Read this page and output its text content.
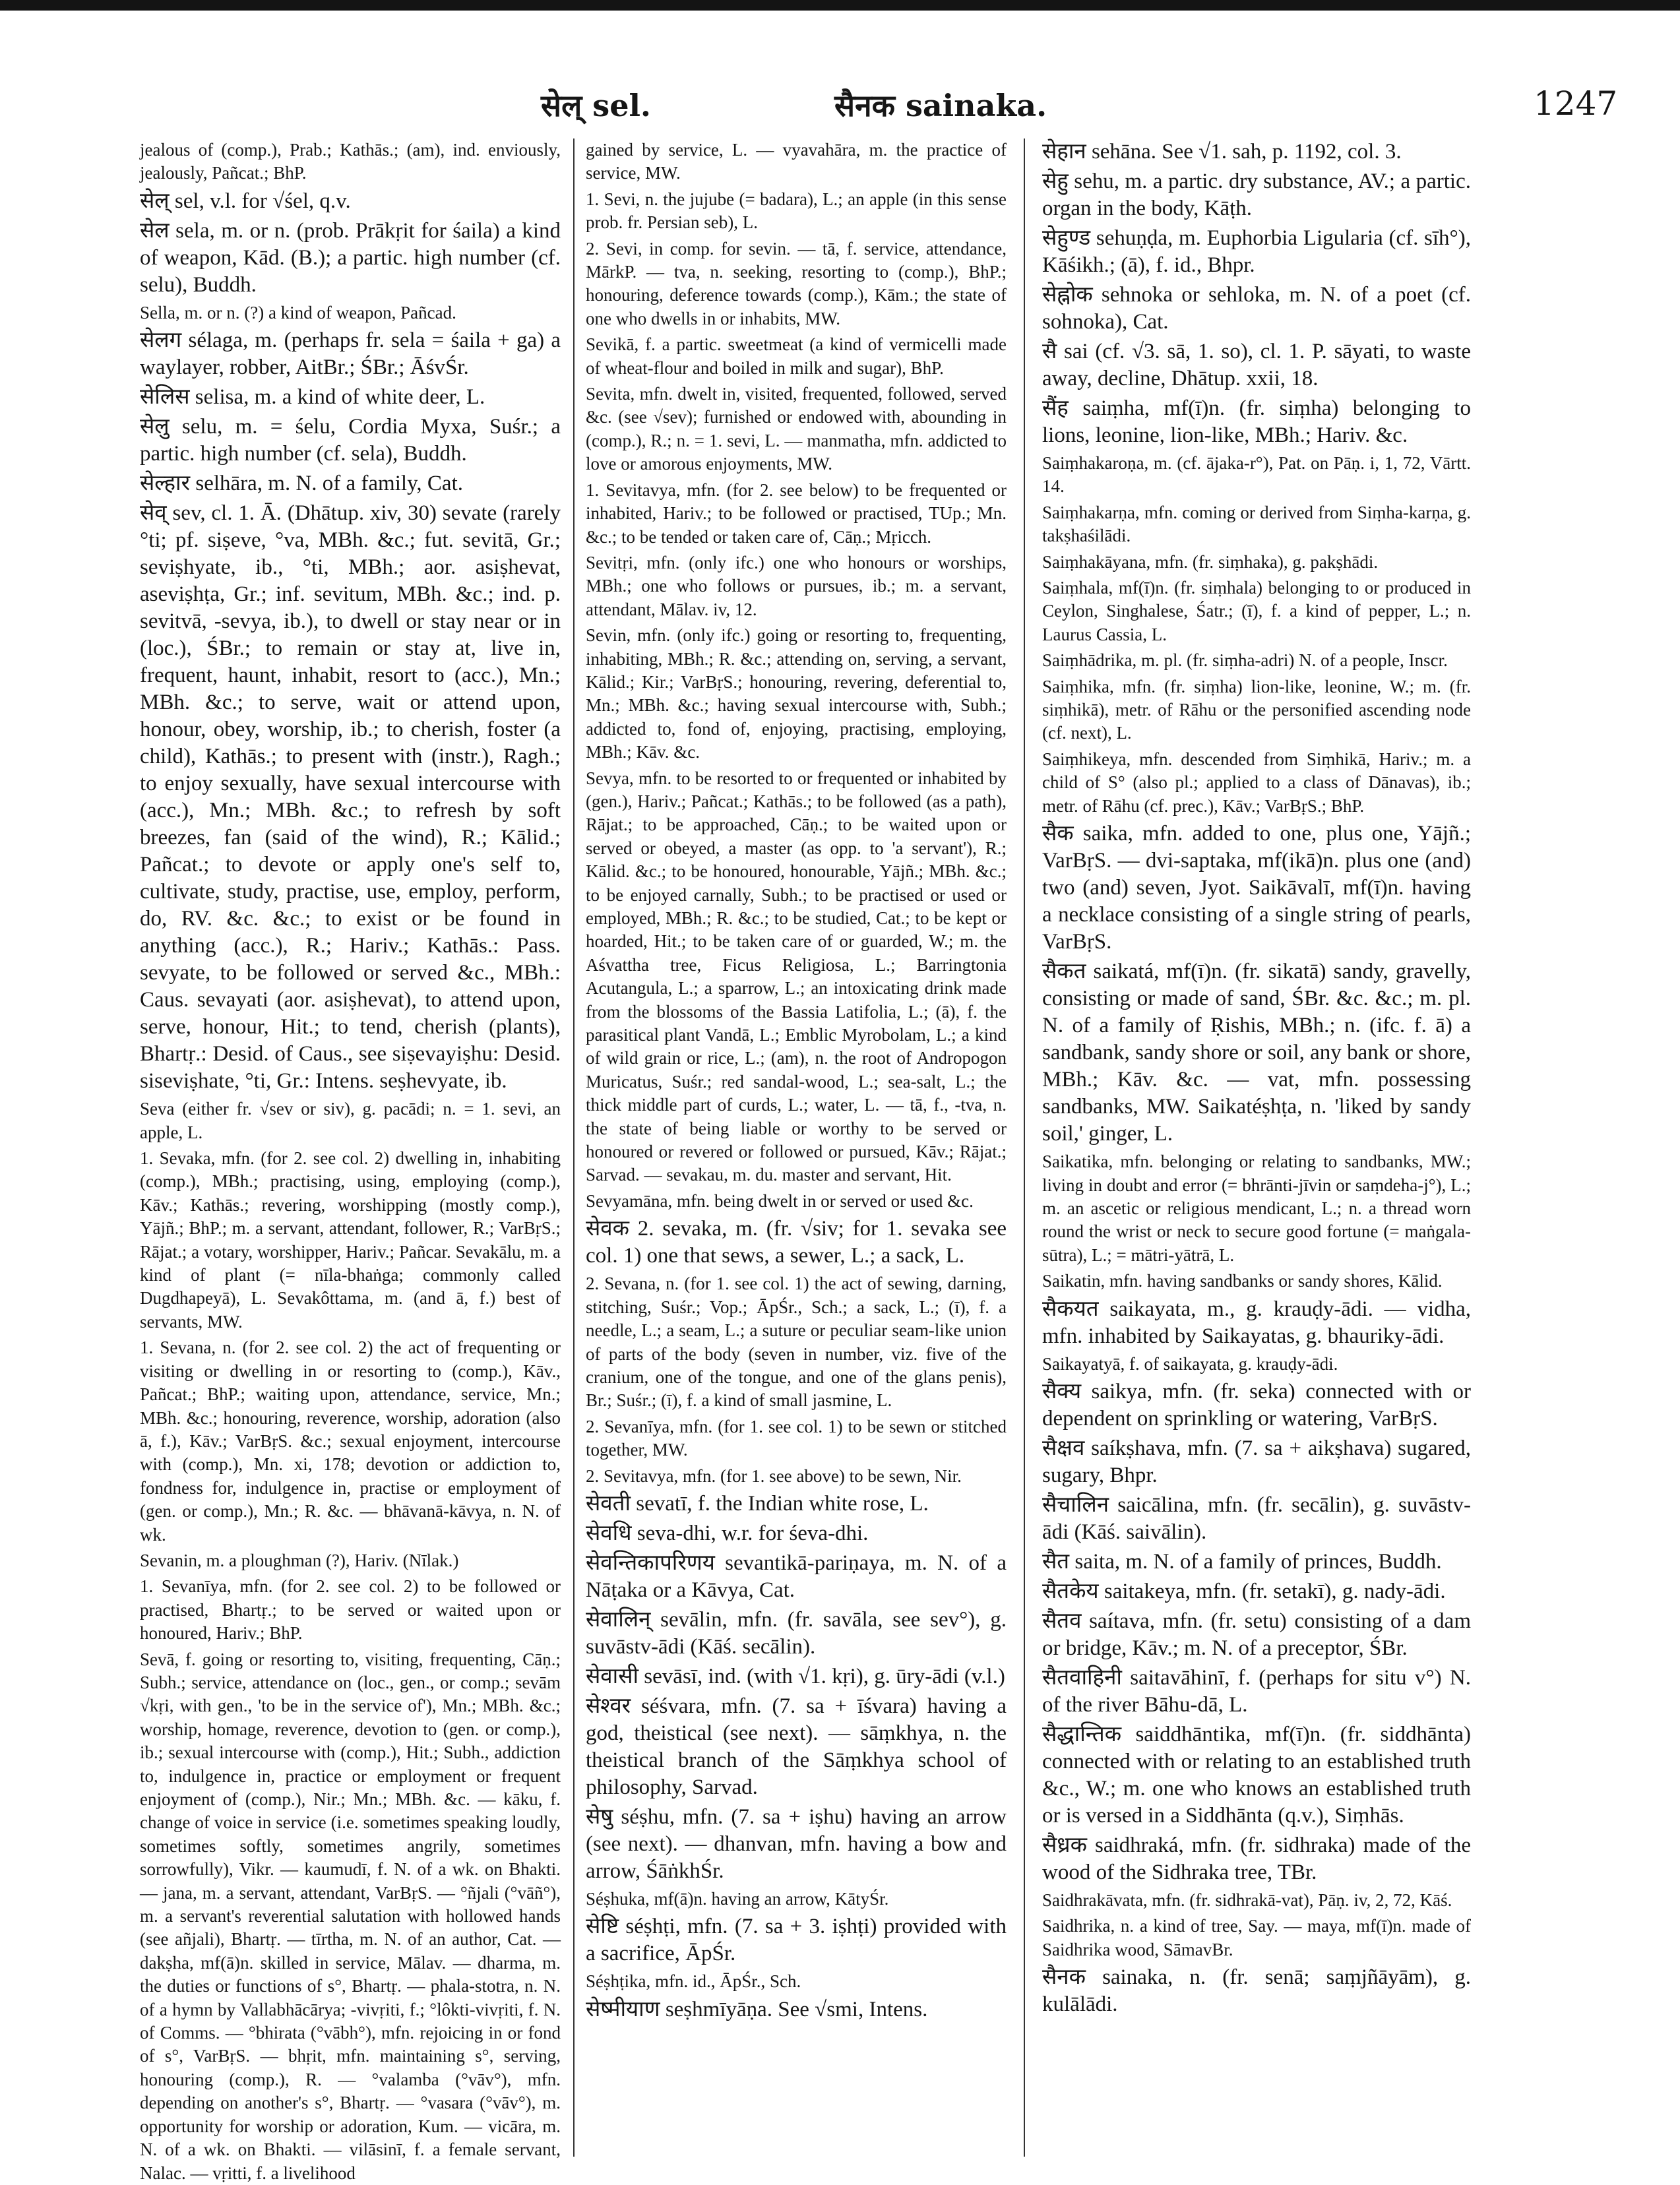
सेल् sel.	सैनक sainaka.	1247

jealous of (comp.), Prab.; Kathās.; (am), ind. enviously, jealously, Pañcat.; BhP.

सेल् sel, v.l. for √śel, q.v.

सेल sela, m. or n. (prob. Prākṛit for śaila) a kind of weapon, Kād. (B.); a partic. high number (cf. selu), Buddh.

Sella, m. or n. (?) a kind of weapon, Pañcad.

सेलग sélaga, m. (perhaps fr. sela = śaila + ga) a waylayer, robber, AitBr.; ŚBr.; ĀśvŚr.

सेलिस selisa, m. a kind of white deer, L.

सेलु selu, m. = śelu, Cordia Myxa, Suśr.; a partic. high number (cf. sela), Buddh.

सेल्हार selhāra, m. N. of a family, Cat.

सेव् sev, cl. 1. Ā. (Dhātup. xiv, 30) sevate (rarely °ti; pf. siṣeve, °va, MBh. &c.; fut. sevitā, Gr.; seviṣhyate, ib., °ti, MBh.; aor. asiṣhevat, aseviṣhṭa, Gr.; inf. sevitum, MBh. &c.; ind. p. sevitvā, -sevya, ib.), to dwell or stay near or in (loc.), ŚBr.; to remain or stay at, live in, frequent, haunt, inhabit, resort to (acc.), Mn.; MBh. &c.; to serve, wait or attend upon, honour, obey, worship, ib.; to cherish, foster (a child), Kathās.; to present with (instr.), Ragh.; to enjoy sexually, have sexual intercourse with (acc.), Mn.; MBh. &c.; to refresh by soft breezes, fan (said of the wind), R.; Kālid.; Pañcat.; to devote or apply one's self to, cultivate, study, practise, use, employ, perform, do, RV. &c. &c.; to exist or be found in anything (acc.), R.; Hariv.; Kathās.: Pass. sevyate, to be followed or served &c., MBh.: Caus. sevayati (aor. asiṣhevat), to attend upon, serve, honour, Hit.; to tend, cherish (plants), Bhartṛ.: Desid. of Caus., see siṣevayiṣhu: Desid. siseviṣhate, °ti, Gr.: Intens. seṣhevyate, ib.

Seva (either fr. √sev or siv), g. pacādi; n. = 1. sevi, an apple, L.

1. Sevaka, mfn. (for 2. see col. 2) dwelling in, inhabiting (comp.), MBh.; practising, using, employing (comp.), Kāv.; Kathās.; revering, worshipping (mostly comp.), Yājñ.; BhP.; m. a servant, attendant, follower, R.; VarBṛS.; Rājat.; a votary, worshipper, Hariv.; Pañcar. Sevakālu, m. a kind of plant (= nīla-bhaṅga; commonly called Dugdhapeyā), L. Sevakôttama, m. (and ā, f.) best of servants, MW.

1. Sevana, n. (for 2. see col. 2) the act of frequenting or visiting or dwelling in or resorting to (comp.), Kāv., Pañcat.; BhP.; waiting upon, attendance, service, Mn.; MBh. &c.; honouring, reverence, worship, adoration (also ā, f.), Kāv.; VarBṛS. &c.; sexual enjoyment, intercourse with (comp.), Mn. xi, 178; devotion or addiction to, fondness for, indulgence in, practise or employment of (gen. or comp.), Mn.; R. &c. — bhāvanā-kāvya, n. N. of wk.

Sevanin, m. a ploughman (?), Hariv. (Nīlak.)

1. Sevanīya, mfn. (for 2. see col. 2) to be followed or practised, Bhartṛ.; to be served or waited upon or honoured, Hariv.; BhP.

Sevā, f. going or resorting to, visiting, frequenting, Cāṇ.; Subh.; service, attendance on (loc., gen., or comp.; sevām √kṛi, with gen., 'to be in the service of'), Mn.; MBh. &c.; worship, homage, reverence, devotion to (gen. or comp.), ib.; sexual intercourse with (comp.), Hit.; Subh., addiction to, indulgence in, practice or employment or frequent enjoyment of (comp.), Nir.; Mn.; MBh. &c. — kāku, f. change of voice in service (i.e. sometimes speaking loudly, sometimes softly, sometimes angrily, sometimes sorrowfully), Vikr. — kaumudī, f. N. of a wk. on Bhakti. — jana, m. a servant, attendant, VarBṛS. — °ñjali (°vāñ°), m. a servant's reverential salutation with hollowed hands (see añjali), Bhartṛ. — tīrtha, m. N. of an author, Cat. — dakṣha, mf(ā)n. skilled in service, Mālav. — dharma, m. the duties or functions of s°, Bhartṛ. — phala-stotra, n. N. of a hymn by Vallabhācārya; -vivṛiti, f.; °lôkti-vivṛiti, f. N. of Comms. — °bhirata (°vābh°), mfn. rejoicing in or fond of s°, VarBṛS. — bhṛit, mfn. maintaining s°, serving, honouring (comp.), R. — °valamba (°vāv°), mfn. depending on another's s°, Bhartṛ. — °vasara (°vāv°), m. opportunity for worship or adoration, Kum. — vicāra, m. N. of a wk. on Bhakti. — vilāsinī, f. a female servant, Nalac. — vṛitti, f. a livelihood

gained by service, L. — vyavahāra, m. the practice of service, MW.

1. Sevi, n. the jujube (= badara), L.; an apple (in this sense prob. fr. Persian seb), L.

2. Sevi, in comp. for sevin. — tā, f. service, attendance, MārkP. — tva, n. seeking, resorting to (comp.), BhP.; honouring, deference towards (comp.), Kām.; the state of one who dwells in or inhabits, MW.

Sevikā, f. a partic. sweetmeat (a kind of vermicelli made of wheat-flour and boiled in milk and sugar), BhP.

Sevita, mfn. dwelt in, visited, frequented, followed, served &c. (see √sev); furnished or endowed with, abounding in (comp.), R.; n. = 1. sevi, L. — manmatha, mfn. addicted to love or amorous enjoyments, MW.

1. Sevitavya, mfn. (for 2. see below) to be frequented or inhabited, Hariv.; to be followed or practised, TUp.; Mn. &c.; to be tended or taken care of, Cāṇ.; Mṛicch.

Sevitṛi, mfn. (only ifc.) one who honours or worships, MBh.; one who follows or pursues, ib.; m. a servant, attendant, Mālav. iv, 12.

Sevin, mfn. (only ifc.) going or resorting to, frequenting, inhabiting, MBh.; R. &c.; attending on, serving, a servant, Kālid.; Kir.; VarBṛS.; honouring, revering, deferential to, Mn.; MBh. &c.; having sexual intercourse with, Subh.; addicted to, fond of, enjoying, practising, employing, MBh.; Kāv. &c.

Sevya, mfn. to be resorted to or frequented or inhabited by (gen.), Hariv.; Pañcat.; Kathās.; to be followed (as a path), Rājat.; to be approached, Cāṇ.; to be waited upon or served or obeyed, a master (as opp. to 'a servant'), R.; Kālid. &c.; to be honoured, honourable, Yājñ.; MBh. &c.; to be enjoyed carnally, Subh.; to be practised or used or employed, MBh.; R. &c.; to be studied, Cat.; to be kept or hoarded, Hit.; to be taken care of or guarded, W.; m. the Aśvattha tree, Ficus Religiosa, L.; Barringtonia Acutangula, L.; a sparrow, L.; an intoxicating drink made from the blossoms of the Bassia Latifolia, L.; (ā), f. the parasitical plant Vandā, L.; Emblic Myrobolam, L.; a kind of wild grain or rice, L.; (am), n. the root of Andropogon Muricatus, Suśr.; red sandal-wood, L.; sea-salt, L.; the thick middle part of curds, L.; water, L. — tā, f., -tva, n. the state of being liable or worthy to be served or honoured or revered or followed or pursued, Kāv.; Rājat.; Sarvad. — sevakau, m. du. master and servant, Hit.

Sevyamāna, mfn. being dwelt in or served or used &c.

सेवक 2. sevaka, m. (fr. √siv; for 1. sevaka see col. 1) one that sews, a sewer, L.; a sack, L.

2. Sevana, n. (for 1. see col. 1) the act of sewing, darning, stitching, Suśr.; Vop.; ĀpŚr., Sch.; a sack, L.; (ī), f. a needle, L.; a seam, L.; a suture or peculiar seam-like union of parts of the body (seven in number, viz. five of the cranium, one of the tongue, and one of the glans penis), Br.; Suśr.; (ī), f. a kind of small jasmine, L.

2. Sevanīya, mfn. (for 1. see col. 1) to be sewn or stitched together, MW.

2. Sevitavya, mfn. (for 1. see above) to be sewn, Nir.

सेवती sevatī, f. the Indian white rose, L.

सेवधि seva-dhi, w.r. for śeva-dhi.

सेवन्तिकापरिणय sevantikā-pariṇaya, m. N. of a Nāṭaka or a Kāvya, Cat.

सेवालिन् sevālin, mfn. (fr. savāla, see sev°), g. suvāstv-ādi (Kāś. secālin).

सेवासी sevāsī, ind. (with √1. kṛi), g. ūry-ādi (v.l.)

सेश्वर séśvara, mfn. (7. sa + īśvara) having a god, theistical (see next). — sāṃkhya, n. the theistical branch of the Sāṃkhya school of philosophy, Sarvad.

सेषु séṣhu, mfn. (7. sa + iṣhu) having an arrow (see next). — dhanvan, mfn. having a bow and arrow, ŚāṅkhŚr.

Séṣhuka, mf(ā)n. having an arrow, KātyŚr.

सेष्टि séṣhṭi, mfn. (7. sa + 3. iṣhṭi) provided with a sacrifice, ĀpŚr.

Séṣhṭika, mfn. id., ĀpŚr., Sch.

सेष्मीयाण seṣhmīyāṇa. See √smi, Intens.

सेहान sehāna. See √1. sah, p. 1192, col. 3.

सेहु sehu, m. a partic. dry substance, AV.; a partic. organ in the body, Kāṭh.

सेहुण्ड sehuṇḍa, m. Euphorbia Ligularia (cf. sīh°), Kāśikh.; (ā), f. id., Bhpr.

सेह्नोक sehnoka or sehloka, m. N. of a poet (cf. sohnoka), Cat.

सै sai (cf. √3. sā, 1. so), cl. 1. P. sāyati, to waste away, decline, Dhātup. xxii, 18.

सैंह saiṃha, mf(ī)n. (fr. siṃha) belonging to lions, leonine, lion-like, MBh.; Hariv. &c.

Saiṃhakaroṇa, m. (cf. ājaka-r°), Pat. on Pāṇ. i, 1, 72, Vārtt. 14.

Saiṃhakarṇa, mfn. coming or derived from Siṃha-karṇa, g. takṣhaśilādi.

Saiṃhakāyana, mfn. (fr. siṃhaka), g. pakṣhādi.

Saiṃhala, mf(ī)n. (fr. siṃhala) belonging to or produced in Ceylon, Singhalese, Śatr.; (ī), f. a kind of pepper, L.; n. Laurus Cassia, L.

Saiṃhādrika, m. pl. (fr. siṃha-adri) N. of a people, Inscr.

Saiṃhika, mfn. (fr. siṃha) lion-like, leonine, W.; m. (fr. siṃhikā), metr. of Rāhu or the personified ascending node (cf. next), L.

Saiṃhikeya, mfn. descended from Siṃhikā, Hariv.; m. a child of S° (also pl.; applied to a class of Dānavas), ib.; metr. of Rāhu (cf. prec.), Kāv.; VarBṛS.; BhP.

सैक saika, mfn. added to one, plus one, Yājñ.; VarBṛS. — dvi-saptaka, mf(ikā)n. plus one (and) two (and) seven, Jyot. Saikāvalī, mf(ī)n. having a necklace consisting of a single string of pearls, VarBṛS.

सैकत saikatá, mf(ī)n. (fr. sikatā) sandy, gravelly, consisting or made of sand, ŚBr. &c. &c.; m. pl. N. of a family of Ṛishis, MBh.; n. (ifc. f. ā) a sandbank, sandy shore or soil, any bank or shore, MBh.; Kāv. &c. — vat, mfn. possessing sandbanks, MW. Saikatéṣhṭa, n. 'liked by sandy soil,' ginger, L.

Saikatika, mfn. belonging or relating to sandbanks, MW.; living in doubt and error (= bhrānti-jīvin or saṃdeha-j°), L.; m. an ascetic or religious mendicant, L.; n. a thread worn round the wrist or neck to secure good fortune (= maṅgala-sūtra), L.; = mātri-yātrā, L.

Saikatin, mfn. having sandbanks or sandy shores, Kālid.

सैकयत saikayata, m., g. krauḍy-ādi. — vidha, mfn. inhabited by Saikayatas, g. bhauriky-ādi.

Saikayatyā, f. of saikayata, g. krauḍy-ādi.

सैक्य saikya, mfn. (fr. seka) connected with or dependent on sprinkling or watering, VarBṛS.

सैक्षव saíkṣhava, mfn. (7. sa + aikṣhava) sugared, sugary, Bhpr.

सैचालिन saicālina, mfn. (fr. secālin), g. suvāstv-ādi (Kāś. saivālin).

सैत saita, m. N. of a family of princes, Buddh.

सैतकेय saitakeya, mfn. (fr. setakī), g. nady-ādi.

सैतव saítava, mfn. (fr. setu) consisting of a dam or bridge, Kāv.; m. N. of a preceptor, ŚBr.

सैतवाहिनी saitavāhinī, f. (perhaps for situ v°) N. of the river Bāhu-dā, L.

सैद्धान्तिक saiddhāntika, mf(ī)n. (fr. siddhānta) connected with or relating to an established truth &c., W.; m. one who knows an established truth or is versed in a Siddhānta (q.v.), Siṃhās.

सैध्रक saidhraká, mfn. (fr. sidhraka) made of the wood of the Sidhraka tree, TBr.

Saidhrakāvata, mfn. (fr. sidhrakā-vat), Pāṇ. iv, 2, 72, Kāś.

Saidhrika, n. a kind of tree, Say. — maya, mf(ī)n. made of Saidhrika wood, SāmavBr.

सैनक sainaka, n. (fr. senā; saṃjñāyām), g. kulālādi.
